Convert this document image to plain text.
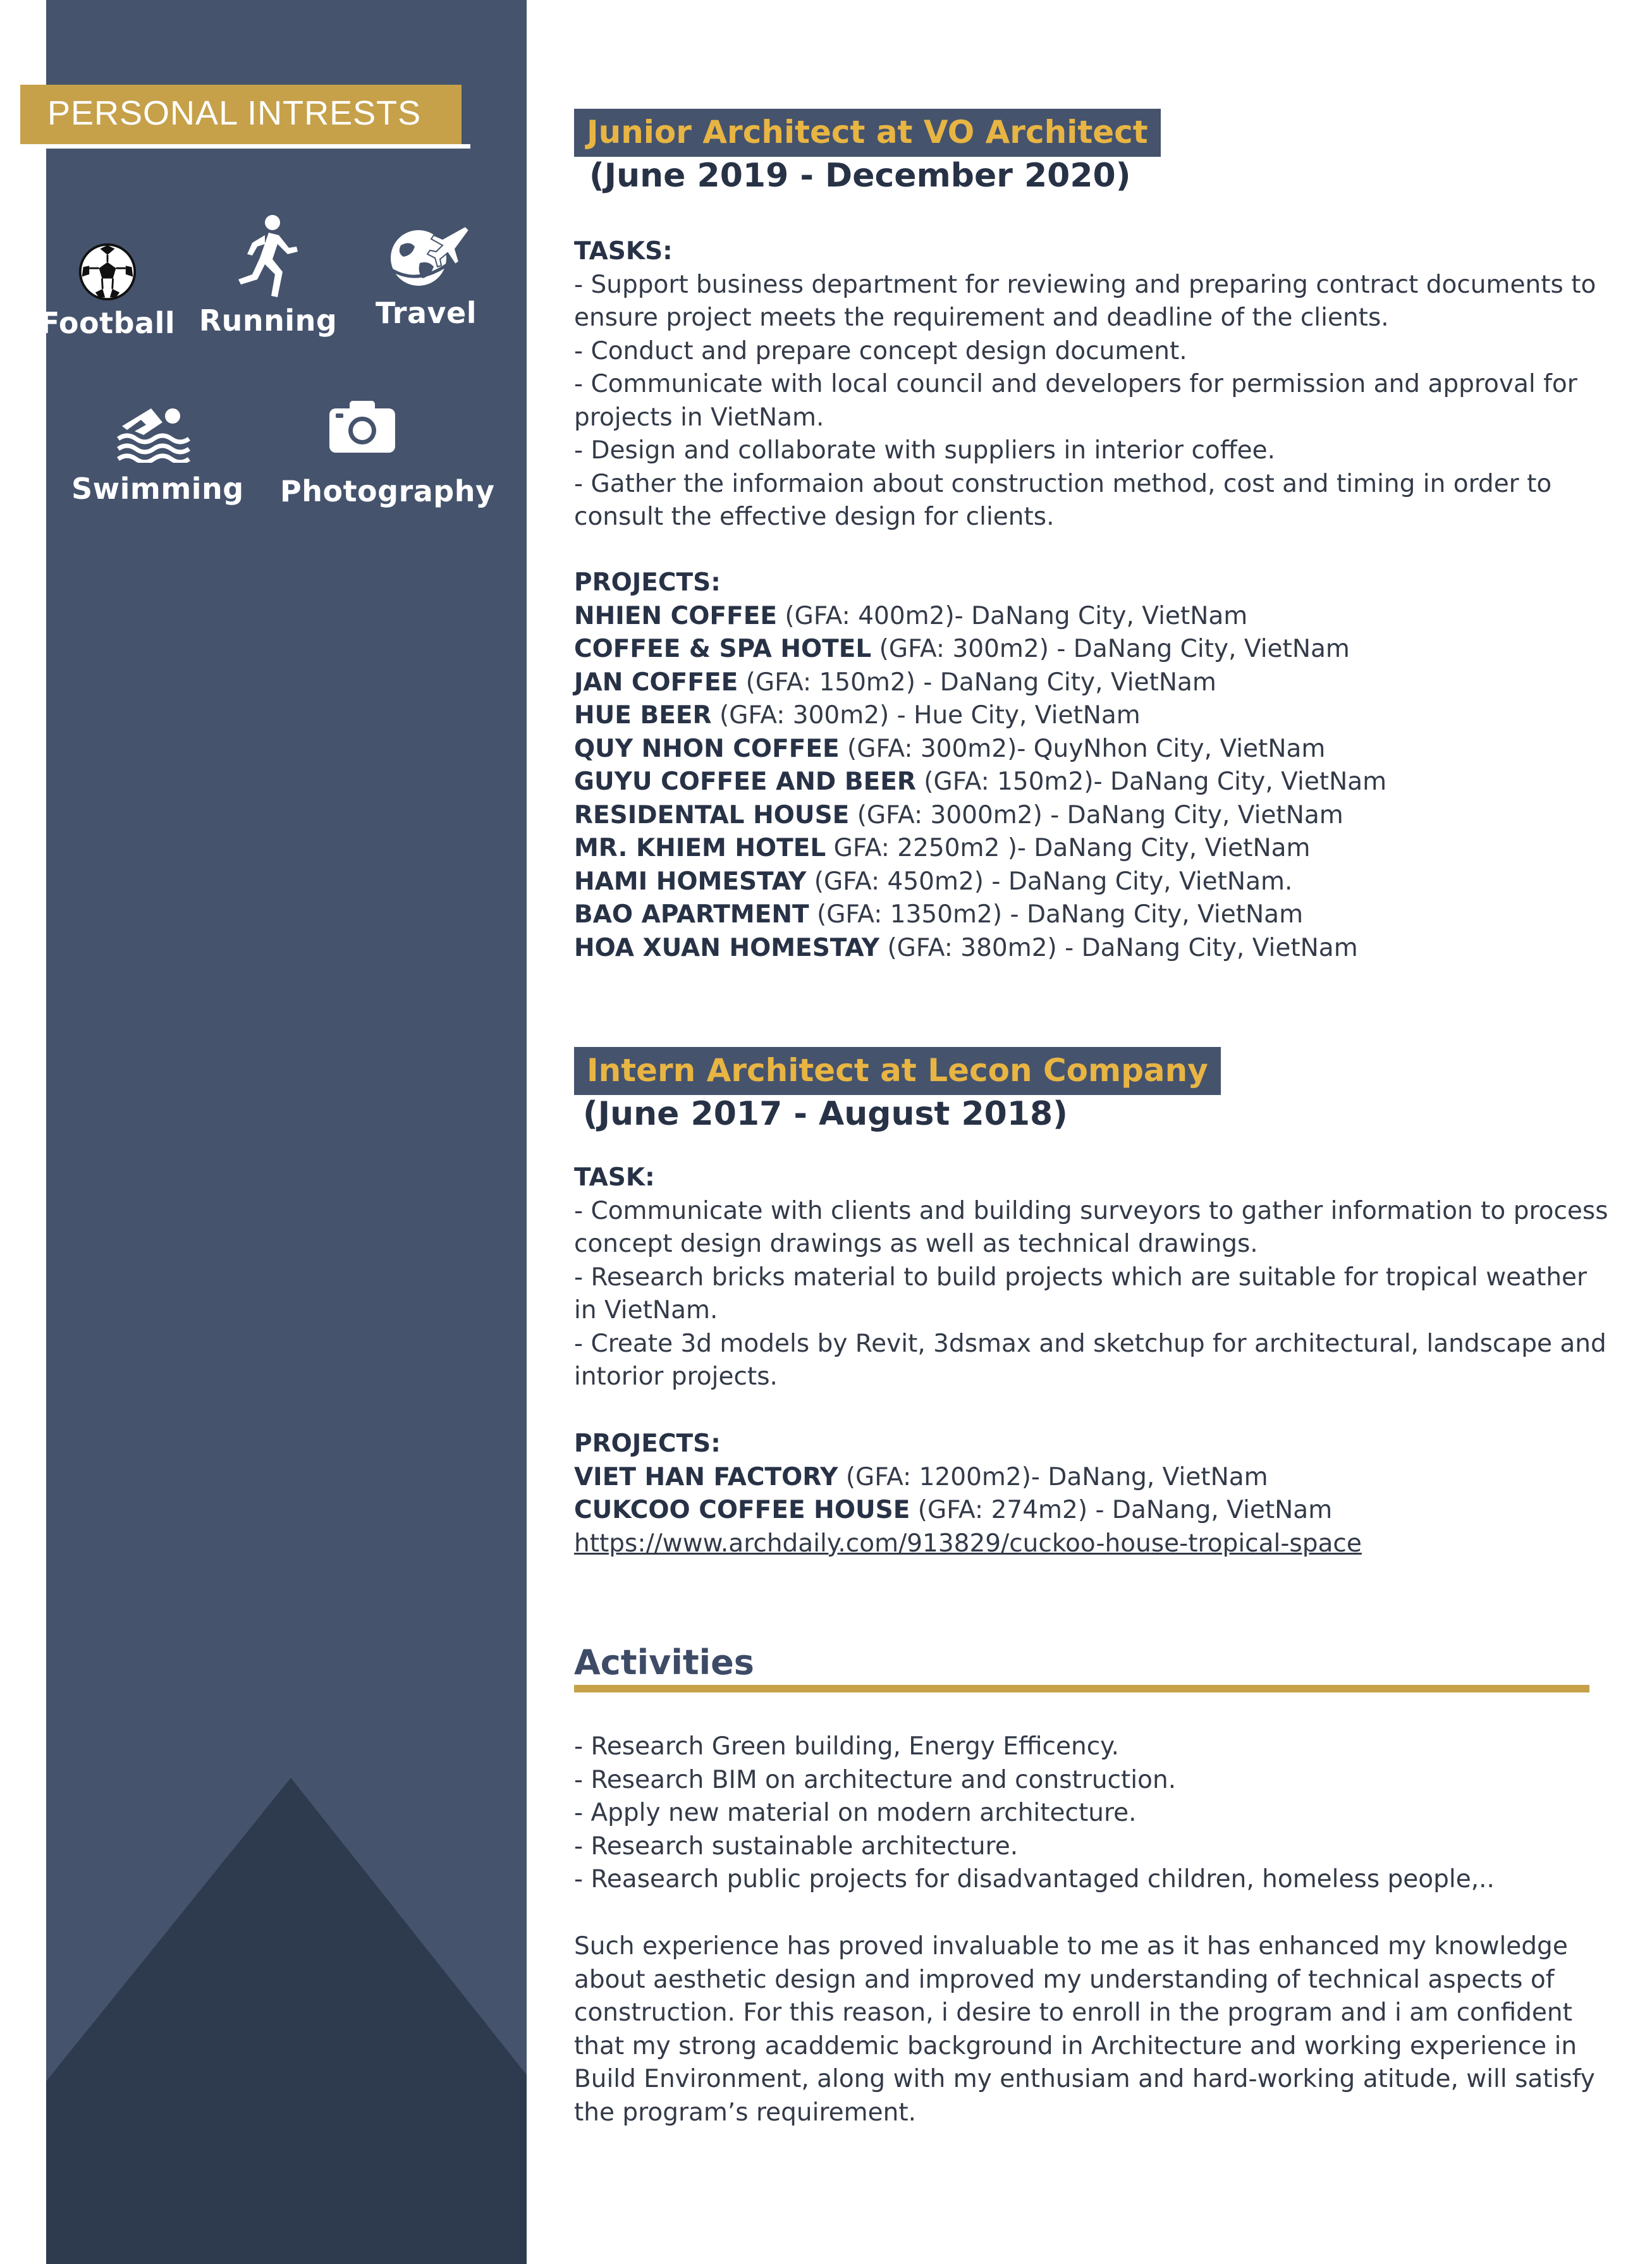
PERSONAL INTRESTS
Football Running	Travel
Swimming Photography
Junior Architect at VO Architect
(June 2019 - December 2020)
TASKS:
- Support business department for reviewing and preparing contract documents to ensure project meets the requirement and deadline of the clients.
- Conduct and prepare concept design document.
- Communicate with local council and developers for permission and approval for projects in VietNam.
- Design and collaborate with suppliers in interior coffee.
- Gather the informaion about construction method, cost and timing in order to consult the effective design for clients.
PROJECTS:
NHIEN COFFEE (GFA: 400m2)- DaNang City, VietNam
COFFEE & SPA HOTEL (GFA: 300m2) - DaNang City, VietNam
JAN COFFEE (GFA: 150m2) - DaNang City, VietNam
HUE BEER (GFA: 300m2) - Hue City, VietNam
QUY NHON COFFEE (GFA: 300m2)- QuyNhon City, VietNam
GUYU COFFEE AND BEER (GFA: 150m2)- DaNang City, VietNam
RESIDENTAL HOUSE (GFA: 3000m2) - DaNang City, VietNam
MR. KHIEM HOTEL GFA: 2250m2 )- DaNang City, VietNam
HAMI HOMESTAY (GFA: 450m2) - DaNang City, VietNam.
BAO APARTMENT (GFA: 1350m2) - DaNang City, VietNam
HOA XUAN HOMESTAY (GFA: 380m2) - DaNang City, VietNam
Intern Architect at Lecon Company
(June 2017 - August 2018)
TASK:
- Communicate with clients and building surveyors to gather information to process concept design drawings as well as technical drawings.
- Research bricks material to build projects which are suitable for tropical weather in VietNam.
- Create 3d models by Revit, 3dsmax and sketchup for architectural, landscape and intorior projects.
PROJECTS:
VIET HAN FACTORY (GFA: 1200m2)- DaNang, VietNam
CUKCOO COFFEE HOUSE (GFA: 274m2) - DaNang, VietNam
https://www.archdaily.com/913829/cuckoo-house-tropical-space
Activities
- Research Green building, Energy Efficency.
- Research BIM on architecture and construction.
- Apply new material on modern architecture.
- Research sustainable architecture.
- Reasearch public projects for disadvantaged children, homeless people,..
Such experience has proved invaluable to me as it has enhanced my knowledge about aesthetic design and improved my understanding of technical aspects of construction. For this reason, i desire to enroll in the program and i am confident that my strong acaddemic background in Architecture and working experience in Build Environment, along with my enthusiam and hard-working atitude, will satisfy the program’s requirement.
